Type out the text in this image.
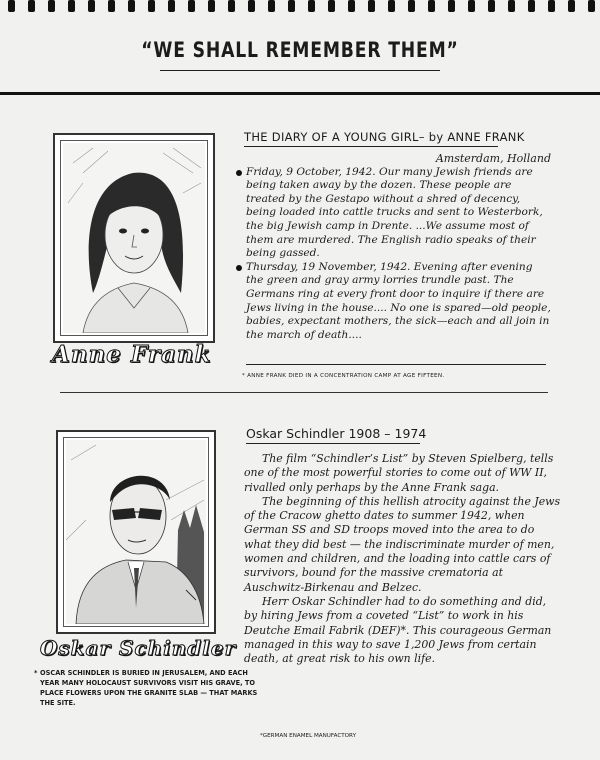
“WE SHALL REMEMBER THEM”
Anne Frank
THE DIARY OF A YOUNG GIRL– by ANNE FRANK
Amsterdam, Holland
Friday, 9 October, 1942. Our many Jewish friends are being taken away by the dozen. These people are treated by the Gestapo without a shred of decency, being loaded into cattle trucks and sent to Westerbork, the big Jewish camp in Drente. ...We assume most of them are murdered. The English radio speaks of their being gassed.
Thursday, 19 November, 1942. Evening after evening the green and gray army lorries trundle past. The Germans ring at every front door to inquire if there are Jews living in the house.... No one is spared—old people, babies, expectant mothers, the sick—each and all join in the march of death....
* ANNE FRANK DIED IN A CONCENTRATION CAMP AT AGE FIFTEEN.
Oskar Schindler
Oskar Schindler 1908 – 1974

The film “Schindler’s List” by Steven Spielberg, tells one of the most powerful stories to come out of WW II, rivalled only perhaps by the Anne Frank saga.

The beginning of this hellish atrocity against the Jews of the Cracow ghetto dates to summer 1942, when German SS and SD troops moved into the area to do what they did best — the indiscriminate murder of men, women and children, and the loading into cattle cars of survivors, bound for the massive crematoria at Auschwitz-Birkenau and Belzec.

Herr Oskar Schindler had to do something and did, by hiring Jews from a coveted “List” to work in his Deutche Email Fabrik (DEF)*. This courageous German managed in this way to save 1,200 Jews from certain death, at great risk to his own life.

*GERMAN ENAMEL MANUFACTORY
* OSCAR SCHINDLER IS BURIED IN JERUSALEM, AND EACH YEAR MANY HOLOCAUST SURVIVORS VISIT HIS GRAVE, TO PLACE FLOWERS UPON THE GRANITE SLAB — THAT MARKS THE SITE.
